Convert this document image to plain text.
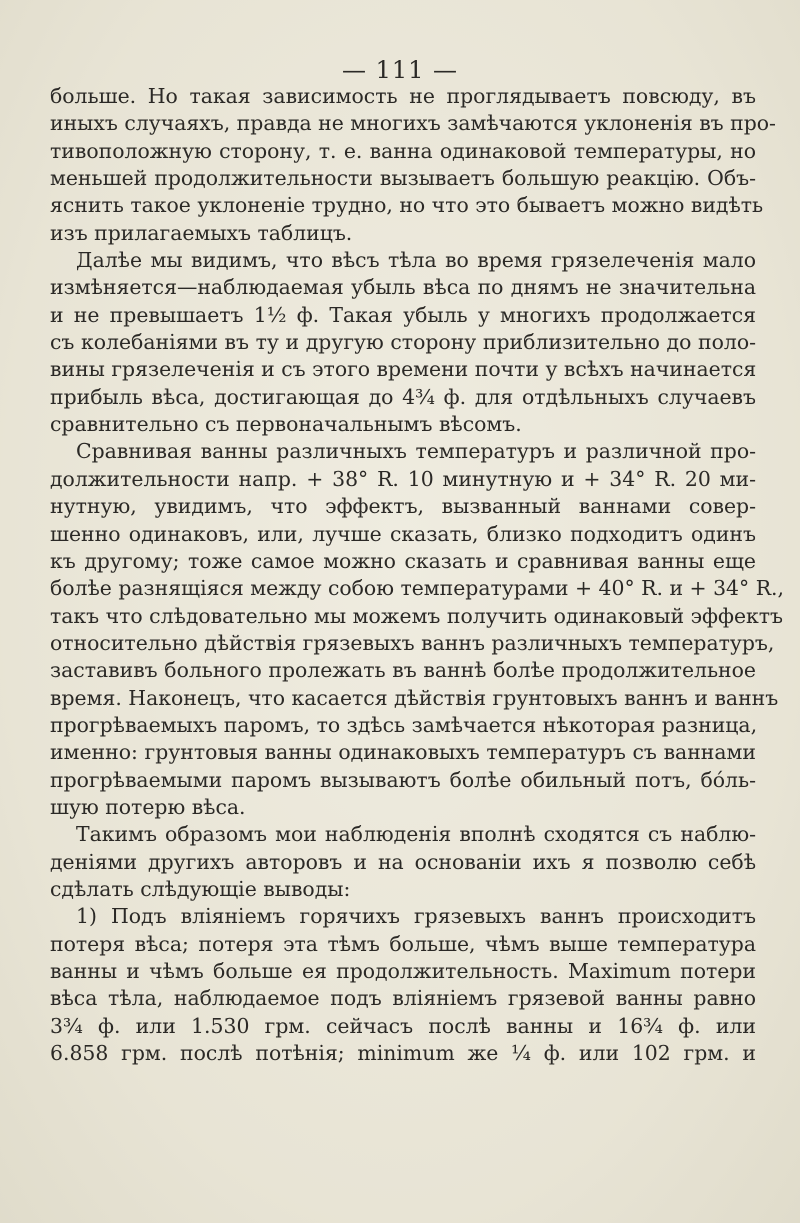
— 111 —
больше. Но такая зависимость не проглядываетъ повсюду, въ
иныхъ случаяхъ, правда не многихъ замѣчаются уклоненія въ про-
тивоположную сторону, т. е. ванна одинаковой температуры, но
меньшей продолжительности вызываетъ большую реакцію. Объ-
яснить такое уклоненіе трудно, но что это бываетъ можно видѣть
изъ прилагаемыхъ таблицъ.
Далѣе мы видимъ, что вѣсъ тѣла во время грязелеченія мало
измѣняется—наблюдаемая убыль вѣса по днямъ не значительна
и не превышаетъ 1½ ф. Такая убыль у многихъ продолжается
съ колебаніями въ ту и другую сторону приблизительно до поло-
вины грязелеченія и съ этого времени почти у всѣхъ начинается
прибыль вѣса, достигающая до 4¾ ф. для отдѣльныхъ случаевъ
сравнительно съ первоначальнымъ вѣсомъ.
Сравнивая ванны различныхъ температуръ и различной про-
должительности напр. + 38° R. 10 минутную и + 34° R. 20 ми-
нутную, увидимъ, что эффектъ, вызванный ваннами совер-
шенно одинаковъ, или, лучше сказать, близко подходитъ одинъ
къ другому; тоже самое можно сказать и сравнивая ванны еще
болѣе разнящіяся между собою температурами + 40° R. и + 34° R.,
такъ что слѣдовательно мы можемъ получить одинаковый эффектъ
относительно дѣйствія грязевыхъ ваннъ различныхъ температуръ,
заставивъ больного пролежать въ ваннѣ болѣе продолжительное
время. Наконецъ, что касается дѣйствія грунтовыхъ ваннъ и ваннъ
прогрѣваемыхъ паромъ, то здѣсь замѣчается нѣкоторая разница,
именно: грунтовыя ванны одинаковыхъ температуръ съ ваннами
прогрѣваемыми паромъ вызываютъ болѣе обильный потъ, бо́ль-
шую потерю вѣса.
Такимъ образомъ мои наблюденія вполнѣ сходятся съ наблю-
деніями другихъ авторовъ и на основаніи ихъ я позволю себѣ
сдѣлать слѣдующіе выводы:
1) Подъ вліяніемъ горячихъ грязевыхъ ваннъ происходитъ
потеря вѣса; потеря эта тѣмъ больше, чѣмъ выше температура
ванны и чѣмъ больше ея продолжительность. Maximum потери
вѣса тѣла, наблюдаемое подъ вліяніемъ грязевой ванны равно
3¾ ф. или 1.530 грм. сейчасъ послѣ ванны и 16¾ ф. или
6.858 грм. послѣ потѣнія; minimum же ¼ ф. или 102 грм. и
